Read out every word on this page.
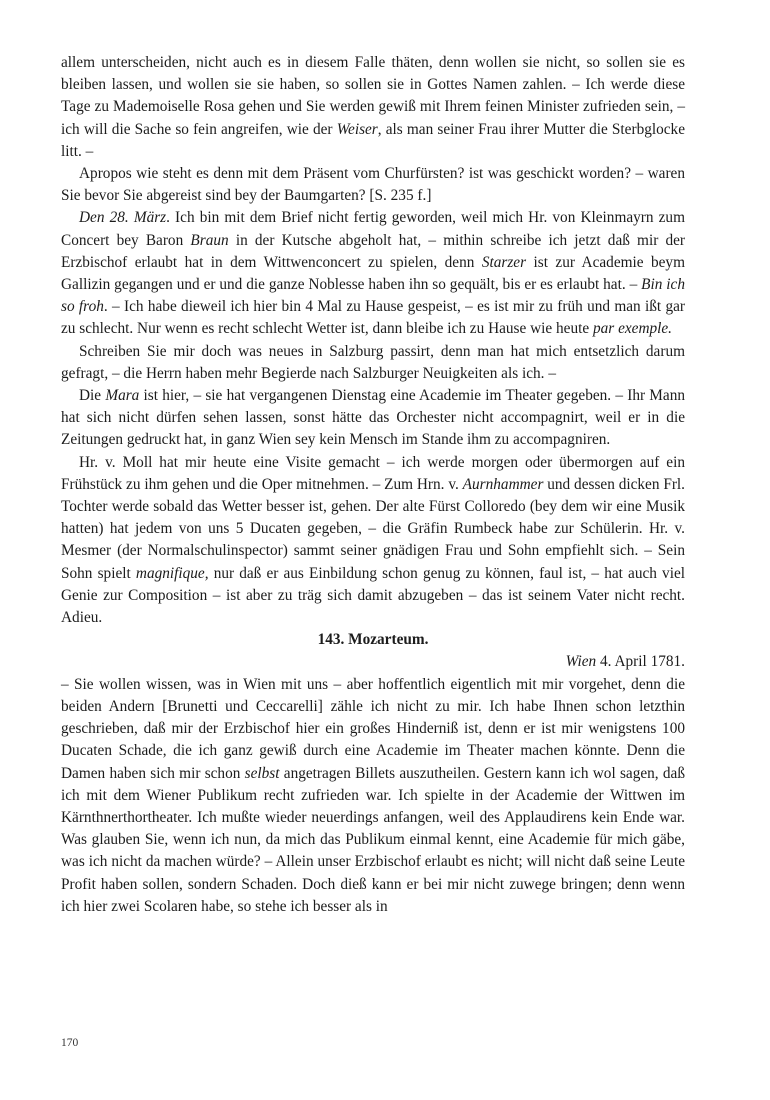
allem unterscheiden, nicht auch es in diesem Falle thäten, denn wollen sie nicht, so sollen sie es bleiben lassen, und wollen sie sie haben, so sollen sie in Gottes Namen zahlen. – Ich werde diese Tage zu Mademoiselle Rosa gehen und Sie werden gewiß mit Ihrem feinen Minister zufrieden sein, – ich will die Sache so fein angreifen, wie der Weiser, als man seiner Frau ihrer Mutter die Sterbglocke litt. –

Apropos wie steht es denn mit dem Präsent vom Churfürsten? ist was geschickt worden? – waren Sie bevor Sie abgereist sind bey der Baumgarten? [S. 235 f.]

Den 28. März. Ich bin mit dem Brief nicht fertig geworden, weil mich Hr. von Kleinmayrn zum Concert bey Baron Braun in der Kutsche abgeholt hat, – mithin schreibe ich jetzt daß mir der Erzbischof erlaubt hat in dem Wittwenconcert zu spielen, denn Starzer ist zur Academie beym Gallizin gegangen und er und die ganze Noblesse haben ihn so gequält, bis er es erlaubt hat. – Bin ich so froh. – Ich habe dieweil ich hier bin 4 Mal zu Hause gespeist, – es ist mir zu früh und man ißt gar zu schlecht. Nur wenn es recht schlecht Wetter ist, dann bleibe ich zu Hause wie heute par exemple.

Schreiben Sie mir doch was neues in Salzburg passirt, denn man hat mich entsetzlich darum gefragt, – die Herrn haben mehr Begierde nach Salzburger Neuigkeiten als ich. –

Die Mara ist hier, – sie hat vergangenen Dienstag eine Academie im Theater gegeben. – Ihr Mann hat sich nicht dürfen sehen lassen, sonst hätte das Orchester nicht accompagnirt, weil er in die Zeitungen gedruckt hat, in ganz Wien sey kein Mensch im Stande ihm zu accompagniren.

Hr. v. Moll hat mir heute eine Visite gemacht – ich werde morgen oder übermorgen auf ein Frühstück zu ihm gehen und die Oper mitnehmen. – Zum Hrn. v. Aurnhammer und dessen dicken Frl. Tochter werde sobald das Wetter besser ist, gehen. Der alte Fürst Colloredo (bey dem wir eine Musik hatten) hat jedem von uns 5 Ducaten gegeben, – die Gräfin Rumbeck habe zur Schülerin. Hr. v. Mesmer (der Normalschulinspector) sammt seiner gnädigen Frau und Sohn empfiehlt sich. – Sein Sohn spielt magnifique, nur daß er aus Einbildung schon genug zu können, faul ist, – hat auch viel Genie zur Composition – ist aber zu träg sich damit abzugeben – das ist seinem Vater nicht recht. Adieu.

143. Mozarteum.

Wien 4. April 1781.

– Sie wollen wissen, was in Wien mit uns – aber hoffentlich eigentlich mit mir vorgehet, denn die beiden Andern [Brunetti und Ceccarelli] zähle ich nicht zu mir. Ich habe Ihnen schon letzthin geschrieben, daß mir der Erzbischof hier ein großes Hinderniß ist, denn er ist mir wenigstens 100 Ducaten Schade, die ich ganz gewiß durch eine Academie im Theater machen könnte. Denn die Damen haben sich mir schon selbst angetragen Billets auszutheilen. Gestern kann ich wol sagen, daß ich mit dem Wiener Publikum recht zufrieden war. Ich spielte in der Academie der Wittwen im Kärnthnerthortheater. Ich mußte wieder neuerdings anfangen, weil des Applaudirens kein Ende war. Was glauben Sie, wenn ich nun, da mich das Publikum einmal kennt, eine Academie für mich gäbe, was ich nicht da machen würde? – Allein unser Erzbischof erlaubt es nicht; will nicht daß seine Leute Profit haben sollen, sondern Schaden. Doch dieß kann er bei mir nicht zuwege bringen; denn wenn ich hier zwei Scolaren habe, so stehe ich besser als in

170
